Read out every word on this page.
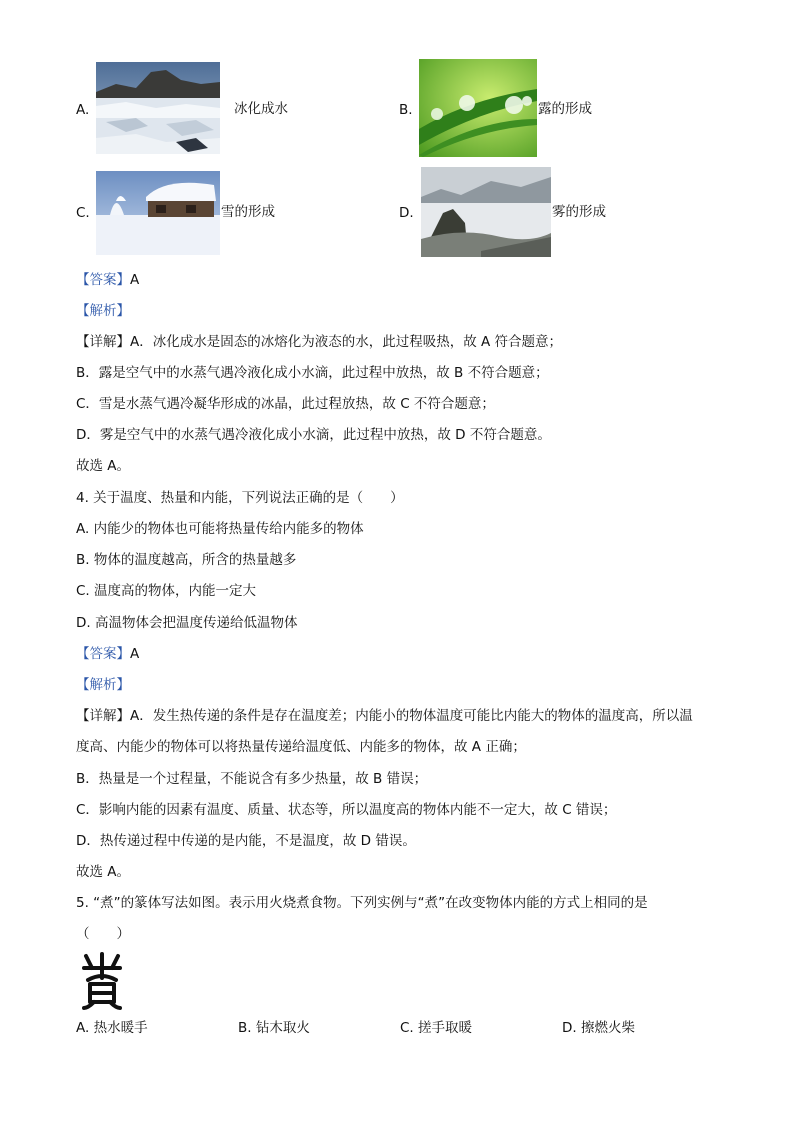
A.	冰化成水	B.	露的形成
C.	雪的形成	D.	雾的形成
【答案】A
【解析】
【详解】A．冰化成水是固态的冰熔化为液态的水，此过程吸热，故 A 符合题意；
B．露是空气中的水蒸气遇冷液化成小水滴，此过程中放热，故 B 不符合题意；
C．雪是水蒸气遇冷凝华形成的冰晶，此过程放热，故 C 不符合题意；
D．雾是空气中的水蒸气遇冷液化成小水滴，此过程中放热，故 D 不符合题意。
故选 A。
4. 关于温度、热量和内能，下列说法正确的是（　　）
A. 内能少的物体也可能将热量传给内能多的物体
B. 物体的温度越高，所含的热量越多
C. 温度高的物体，内能一定大
D. 高温物体会把温度传递给低温物体
【答案】A
【解析】
【详解】A．发生热传递的条件是存在温度差；内能小的物体温度可能比内能大的物体的温度高，所以温
度高、内能少的物体可以将热量传递给温度低、内能多的物体，故 A 正确；
B．热量是一个过程量，不能说含有多少热量，故 B 错误；
C．影响内能的因素有温度、质量、状态等，所以温度高的物体内能不一定大，故 C 错误；
D．热传递过程中传递的是内能，不是温度，故 D 错误。
故选 A。
5. “煮”的篆体写法如图。表示用火烧煮食物。下列实例与“煮”在改变物体内能的方式上相同的是
（　　）
A. 热水暖手	B. 钻木取火	C. 搓手取暖	D. 擦燃火柴
